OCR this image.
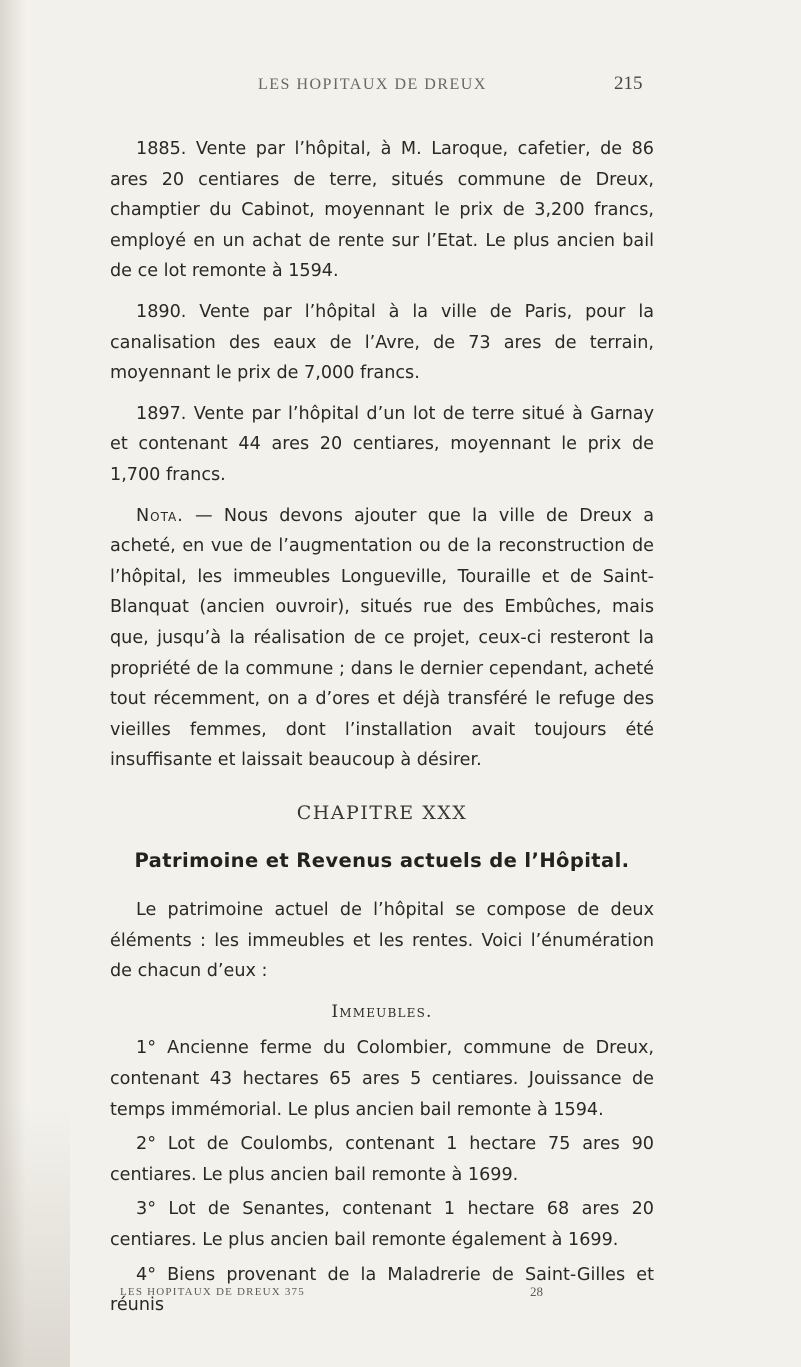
LES HOPITAUX DE DREUX	215

1885. Vente par l’hôpital, à M. Laroque, cafetier, de 86 ares 20 centiares de terre, situés commune de Dreux, champtier du Cabinot, moyennant le prix de 3,200 francs, employé en un achat de rente sur l’Etat. Le plus ancien bail de ce lot remonte à 1594.

1890. Vente par l’hôpital à la ville de Paris, pour la canalisation des eaux de l’Avre, de 73 ares de terrain, moyennant le prix de 7,000 francs.

1897. Vente par l’hôpital d’un lot de terre situé à Garnay et contenant 44 ares 20 centiares, moyennant le prix de 1,700 francs.

Nota. — Nous devons ajouter que la ville de Dreux a acheté, en vue de l’augmentation ou de la reconstruction de l’hôpital, les immeubles Longueville, Touraille et de Saint-Blanquat (ancien ouvroir), situés rue des Embûches, mais que, jusqu’à la réalisation de ce projet, ceux-ci resteront la propriété de la commune ; dans le dernier cependant, acheté tout récemment, on a d’ores et déjà transféré le refuge des vieilles femmes, dont l’installation avait toujours été insuffisante et laissait beaucoup à désirer.

CHAPITRE XXX
Patrimoine et Revenus actuels de l’Hôpital.

Le patrimoine actuel de l’hôpital se compose de deux éléments : les immeubles et les rentes. Voici l’énumération de chacun d’eux :

Immeubles.

1° Ancienne ferme du Colombier, commune de Dreux, contenant 43 hectares 65 ares 5 centiares. Jouissance de temps immémorial. Le plus ancien bail remonte à 1594.

2° Lot de Coulombs, contenant 1 hectare 75 ares 90 centiares. Le plus ancien bail remonte à 1699.

3° Lot de Senantes, contenant 1 hectare 68 ares 20 centiares. Le plus ancien bail remonte également à 1699.

4° Biens provenant de la Maladrerie de Saint-Gilles et réunis

LES HOPITAUX DE DREUX 375	28
